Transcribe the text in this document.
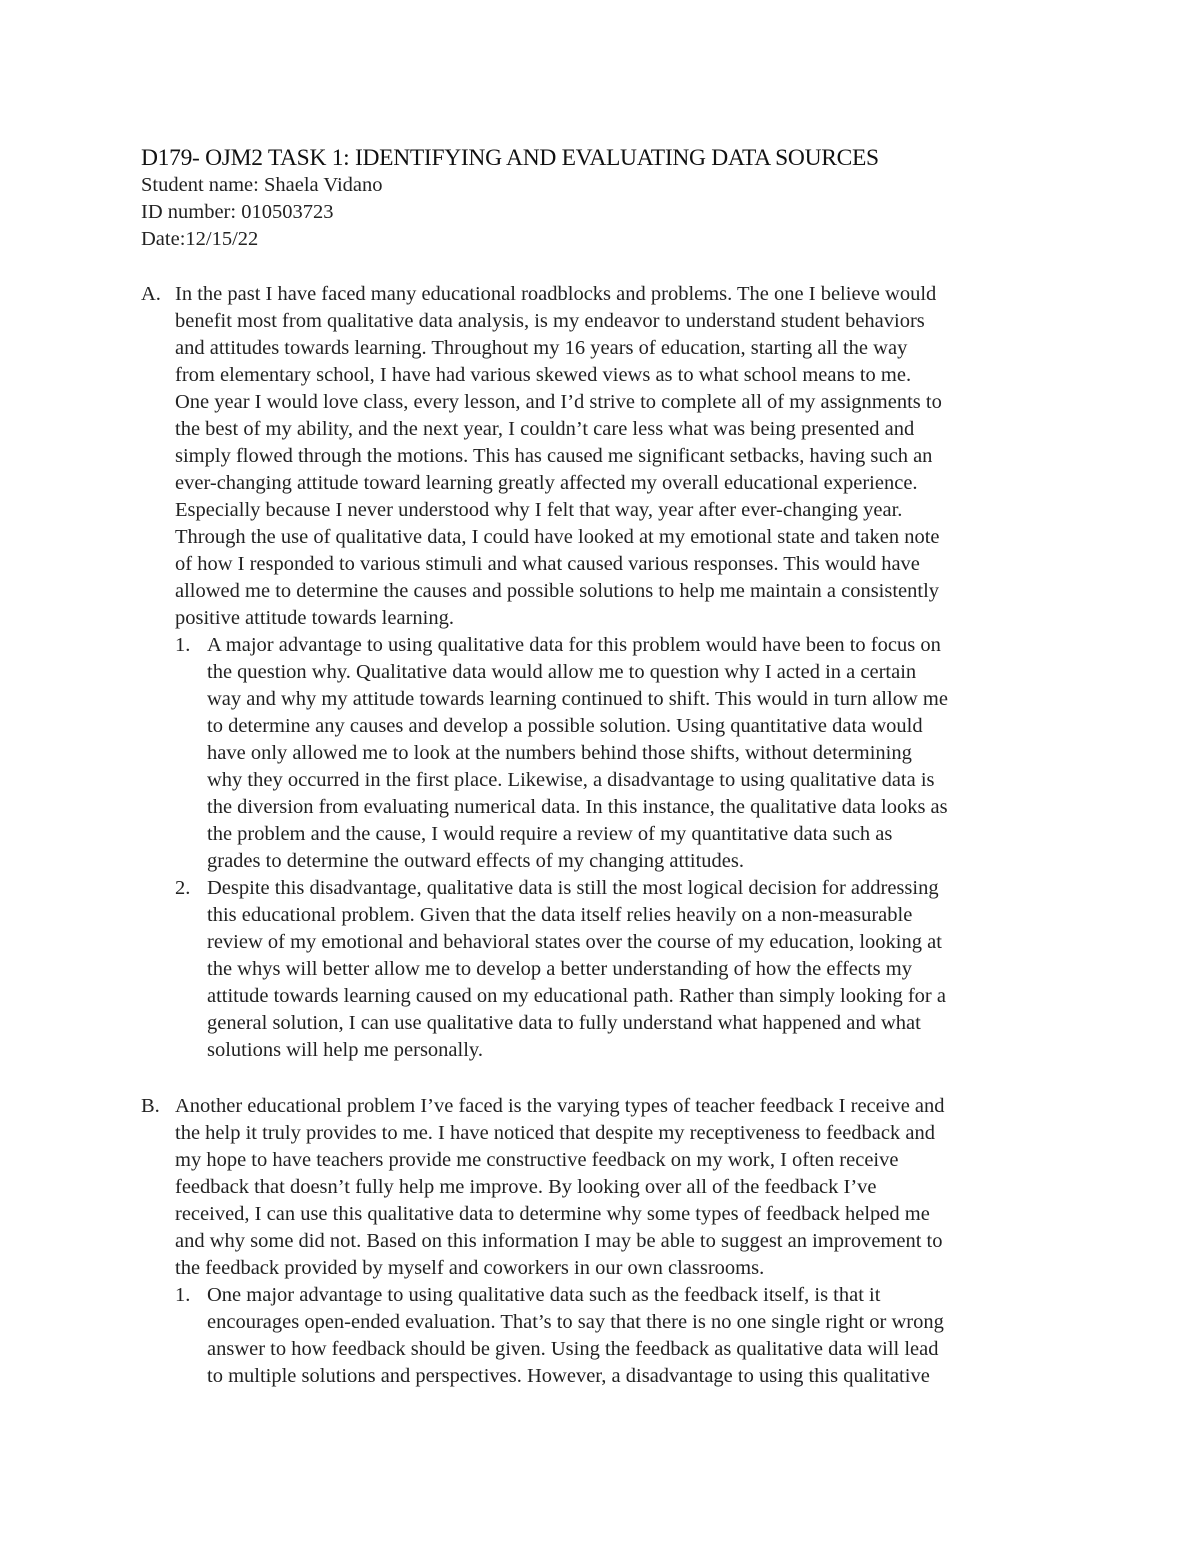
D179- OJM2 TASK 1: IDENTIFYING AND EVALUATING DATA SOURCES
Student name: Shaela Vidano
ID number: 010503723
Date:12/15/22
A. In the past I have faced many educational roadblocks and problems. The one I believe would
benefit most from qualitative data analysis, is my endeavor to understand student behaviors
and attitudes towards learning. Throughout my 16 years of education, starting all the way
from elementary school, I have had various skewed views as to what school means to me.
One year I would love class, every lesson, and I’d strive to complete all of my assignments to
the best of my ability, and the next year, I couldn’t care less what was being presented and
simply flowed through the motions. This has caused me significant setbacks, having such an
ever-changing attitude toward learning greatly affected my overall educational experience.
Especially because I never understood why I felt that way, year after ever-changing year.
Through the use of qualitative data, I could have looked at my emotional state and taken note
of how I responded to various stimuli and what caused various responses. This would have
allowed me to determine the causes and possible solutions to help me maintain a consistently
positive attitude towards learning.
1. A major advantage to using qualitative data for this problem would have been to focus on
the question why. Qualitative data would allow me to question why I acted in a certain
way and why my attitude towards learning continued to shift. This would in turn allow me
to determine any causes and develop a possible solution. Using quantitative data would
have only allowed me to look at the numbers behind those shifts, without determining
why they occurred in the first place. Likewise, a disadvantage to using qualitative data is
the diversion from evaluating numerical data. In this instance, the qualitative data looks as
the problem and the cause, I would require a review of my quantitative data such as
grades to determine the outward effects of my changing attitudes.
2. Despite this disadvantage, qualitative data is still the most logical decision for addressing
this educational problem. Given that the data itself relies heavily on a non-measurable
review of my emotional and behavioral states over the course of my education, looking at
the whys will better allow me to develop a better understanding of how the effects my
attitude towards learning caused on my educational path. Rather than simply looking for a
general solution, I can use qualitative data to fully understand what happened and what
solutions will help me personally.
B. Another educational problem I’ve faced is the varying types of teacher feedback I receive and
the help it truly provides to me. I have noticed that despite my receptiveness to feedback and
my hope to have teachers provide me constructive feedback on my work, I often receive
feedback that doesn’t fully help me improve. By looking over all of the feedback I’ve
received, I can use this qualitative data to determine why some types of feedback helped me
and why some did not. Based on this information I may be able to suggest an improvement to
the feedback provided by myself and coworkers in our own classrooms.
1. One major advantage to using qualitative data such as the feedback itself, is that it
encourages open-ended evaluation. That’s to say that there is no one single right or wrong
answer to how feedback should be given. Using the feedback as qualitative data will lead
to multiple solutions and perspectives. However, a disadvantage to using this qualitative
